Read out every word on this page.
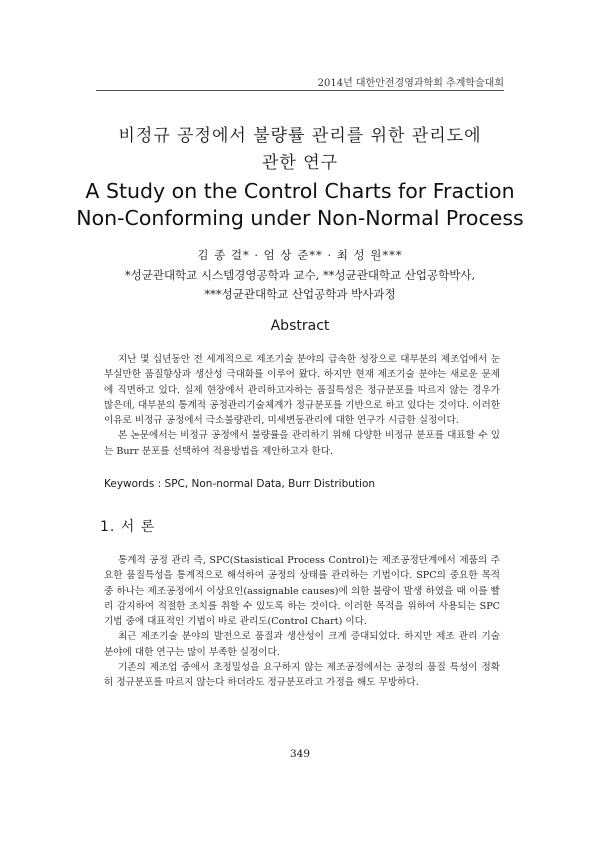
2014년 대한안전경영과학회 추계학술대회
비정규 공정에서 불량률 관리를 위한 관리도에
관한 연구
A Study on the Control Charts for Fraction
Non-Conforming under Non-Normal Process
김 종 걸* · 엄 상 준** · 최 성 원***
*성균관대학교 시스템경영공학과 교수, **성균관대학교 산업공학박사,
***성균관대학교 산업공학과 박사과정
Abstract

지난 몇 십년동안 전 세계적으로 제조기술 분야의 급속한 성장으로 대부분의 제조업에서 눈부실만한 품질향상과 생산성 극대화를 이루어 왔다. 하지만 현재 제조기술 분야는 새로운 문제에 직면하고 있다. 실제 현장에서 관리하고자하는 품질특성은 정규분포를 따르지 않는 경우가 많은데, 대부분의 통계적 공정관리기술체계가 정규분포를 기반으로 하고 있다는 것이다. 이러한 이유로 비정규 공정에서 극소불량관리, 미세변동관리에 대한 연구가 시급한 실정이다.

본 논문에서는 비정규 공정에서 불량률을 관리하기 위해 다양한 비정규 분포를 대표할 수 있는 Burr 분포를 선택하여 적용방법을 제안하고자 한다.

Keywords : SPC, Non-normal Data, Burr Distribution
1. 서 론

통계적 공정 관리 즉, SPC(Stasistical Process Control)는 제조공정단계에서 제품의 주요한 품질특성을 통계적으로 해석하여 공정의 상태를 관리하는 기법이다. SPC의 중요한 목적중 하나는 제조공정에서 이상요인(assignable causes)에 의한 불량이 발생 하였을 때 이를 빨리 감지하여 적절한 조치를 취할 수 있도록 하는 것이다. 이러한 목적을 위하여 사용되는 SPC 기법 중에 대표적인 기법이 바로 관리도(Control Chart) 이다.

최근 제조기술 분야의 발전으로 품질과 생산성이 크게 증대되었다. 하지만 제조 관리 기술 분야에 대한 연구는 많이 부족한 실정이다.

기존의 제조업 중에서 초정밀성을 요구하지 않는 제조공정에서는 공정의 품질 특성이 정확히 정규분포를 따르지 않는다 하더라도 정규분포라고 가정을 해도 무방하다.

349
